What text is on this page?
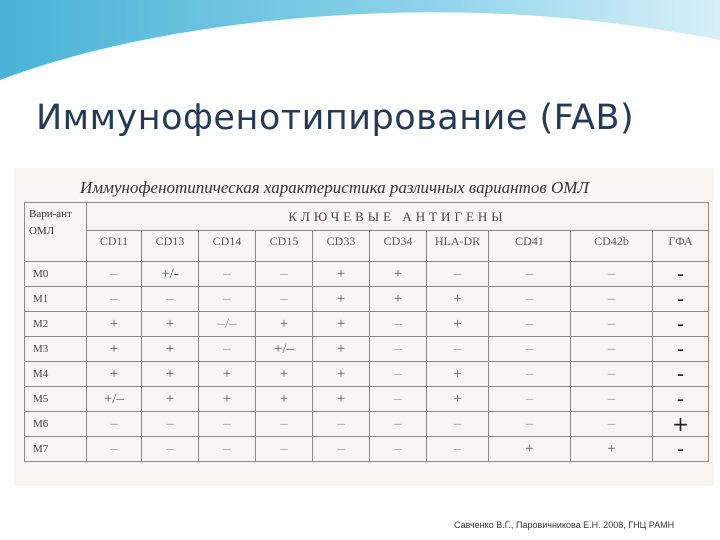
Иммунофенотипирование (FAB)
Иммунофенотипическая характеристика различных вариантов ОМЛ
Вари-ант
ОМЛ	КЛЮЧЕВЫЕ АНТИГЕНЫ									
	CD11	CD13	CD14	CD15	CD33	CD34	HLA-DR	CD41	CD42b	ГФА
M0	–	+/-	–	–	+	+	–	–	–	-
M1	–	–	–	–	+	+	+	–	–	-
M2	+	+	–/–	+	+	–	+	–	–	-
M3	+	+	–	+/–	+	–	–	–	–	-
M4	+	+	+	+	+	–	+	–	–	-
M5	+/–	+	+	+	+	–	+	–	–	-
M6	–	–	–	–	–	–	–	–	–	+
M7	–	–	–	–	–	–	–	+	+	-
Савченко В.Г., Паровичникова Е.Н. 2008, ГНЦ РАМН
